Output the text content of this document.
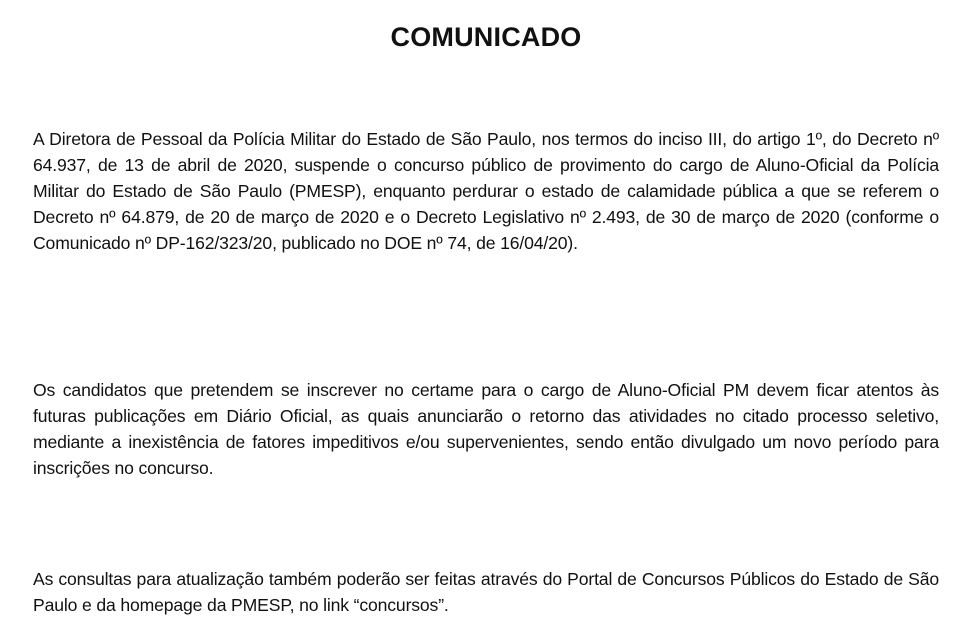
COMUNICADO

A Diretora de Pessoal da Polícia Militar do Estado de São Paulo, nos termos do inciso III, do artigo 1º, do Decreto nº 64.937, de 13 de abril de 2020, suspende o concurso público de provimento do cargo de Aluno-Oficial da Polícia Militar do Estado de São Paulo (PMESP), enquanto perdurar o estado de calamidade pública a que se referem o Decreto nº 64.879, de 20 de março de 2020 e o Decreto Legislativo nº 2.493, de 30 de março de 2020 (conforme o Comunicado nº DP-162/323/20, publicado no DOE nº 74, de 16/04/20).

Os candidatos que pretendem se inscrever no certame para o cargo de Aluno-Oficial PM devem ficar atentos às futuras publicações em Diário Oficial, as quais anunciarão o retorno das atividades no citado processo seletivo, mediante a inexistência de fatores impeditivos e/ou supervenientes, sendo então divulgado um novo período para inscrições no concurso.

As consultas para atualização também poderão ser feitas através do Portal de Concursos Públicos do Estado de São Paulo e da homepage da PMESP, no link “concursos”.
